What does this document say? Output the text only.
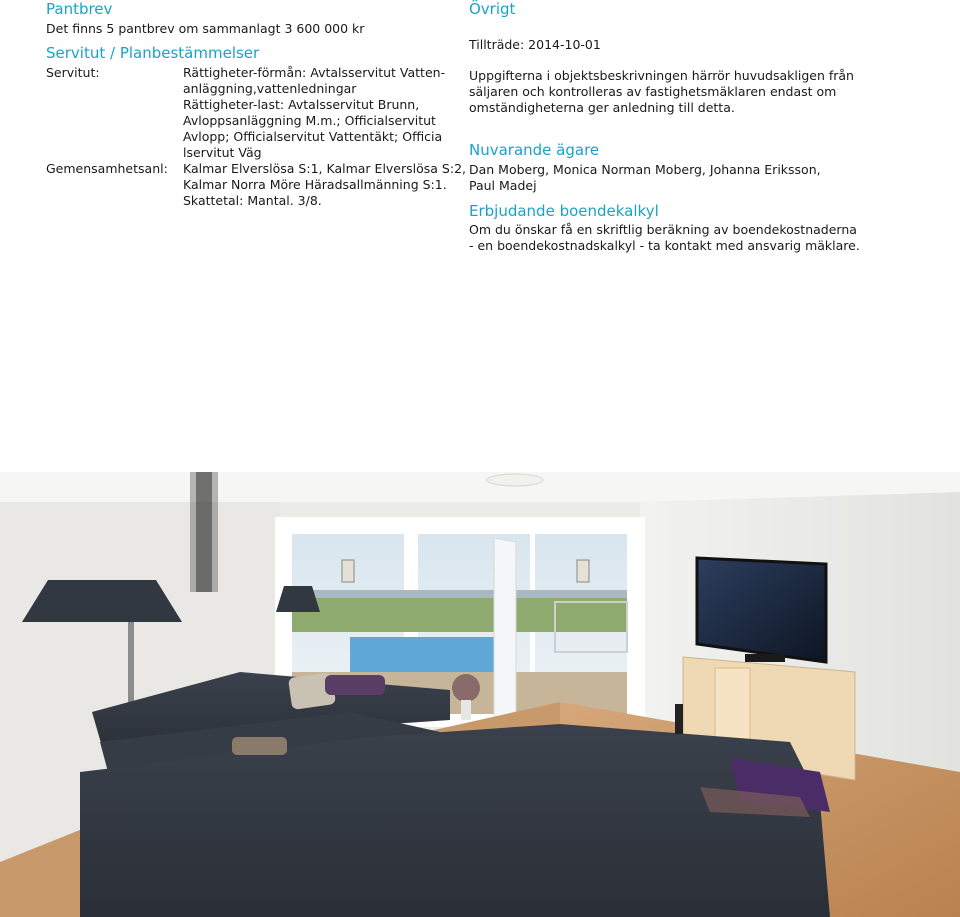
Pantbrev
Det finns 5 pantbrev om sammanlagt 3 600 000 kr
Servitut / Planbestämmelser
Servitut:	Rättigheter-förmån: Avtalsservitut Vatten-
anläggning,vattenledningar
Rättigheter-last: Avtalsservitut Brunn,
Avloppsanläggning M.m.; Officialservitut
Avlopp; Officialservitut Vattentäkt; Officia
lservitut Väg
Gemensamhetsanl: Kalmar Elverslösa S:1, Kalmar Elverslösa S:2,
Kalmar Norra Möre Häradsallmänning S:1.
Skattetal: Mantal. 3/8.
Övrigt
Tillträde: 2014-10-01
Uppgifterna i objektsbeskrivningen härrör huvudsakligen från
säljaren och kontrolleras av fastighetsmäklaren endast om
omständigheterna ger anledning till detta.
Nuvarande ägare
Dan Moberg, Monica Norman Moberg, Johanna Eriksson,
Paul Madej
Erbjudande boendekalkyl
Om du önskar få en skriftlig beräkning av boendekostnaderna
- en boendekostnadskalkyl - ta kontakt med ansvarig mäklare.
